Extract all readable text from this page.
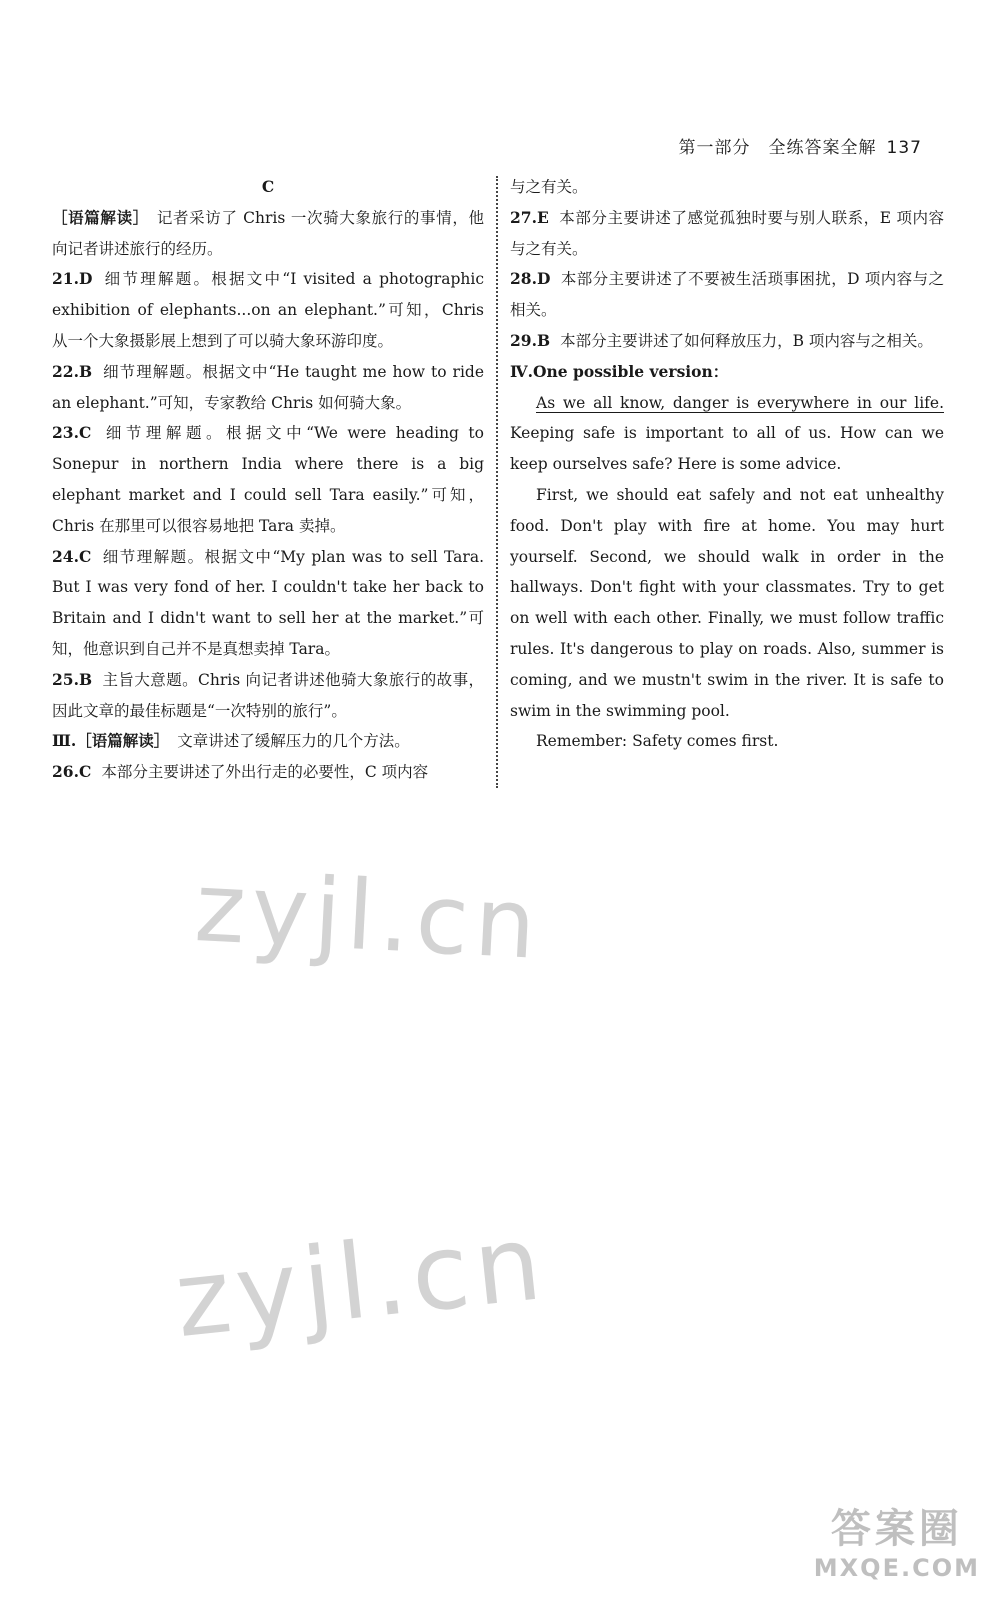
第一部分 全练答案全解 137

C

［语篇解读］ 记者采访了 Chris 一次骑大象旅行的事情，他向记者讲述旅行的经历。

21.D 细节理解题。根据文中“I visited a photographic exhibition of elephants...on an elephant.”可知，Chris 从一个大象摄影展上想到了可以骑大象环游印度。

22.B 细节理解题。根据文中“He taught me how to ride an elephant.”可知，专家教给 Chris 如何骑大象。

23.C 细节理解题。根据文中“We were heading to Sonepur in northern India where there is a big elephant market and I could sell Tara easily.”可知，Chris 在那里可以很容易地把 Tara 卖掉。

24.C 细节理解题。根据文中“My plan was to sell Tara. But I was very fond of her. I couldn't take her back to Britain and I didn't want to sell her at the market.”可知，他意识到自己并不是真想卖掉 Tara。

25.B 主旨大意题。Chris 向记者讲述他骑大象旅行的故事，因此文章的最佳标题是“一次特别的旅行”。

Ⅲ.［语篇解读］ 文章讲述了缓解压力的几个方法。

26.C 本部分主要讲述了外出行走的必要性，C 项内容

与之有关。

27.E 本部分主要讲述了感觉孤独时要与别人联系，E 项内容与之有关。

28.D 本部分主要讲述了不要被生活琐事困扰，D 项内容与之相关。

29.B 本部分主要讲述了如何释放压力，B 项内容与之相关。

Ⅳ.One possible version：

As we all know, danger is everywhere in our life. Keeping safe is important to all of us. How can we keep ourselves safe? Here is some advice.

First, we should eat safely and not eat unhealthy food. Don't play with fire at home. You may hurt yourself. Second, we should walk in order in the hallways. Don't fight with your classmates. Try to get on well with each other. Finally, we must follow traffic rules. It's dangerous to play on roads. Also, summer is coming, and we mustn't swim in the river. It is safe to swim in the swimming pool.

Remember: Safety comes first.

zyjl.cn
zyjl.cn
答案圈
MXQE.COM
